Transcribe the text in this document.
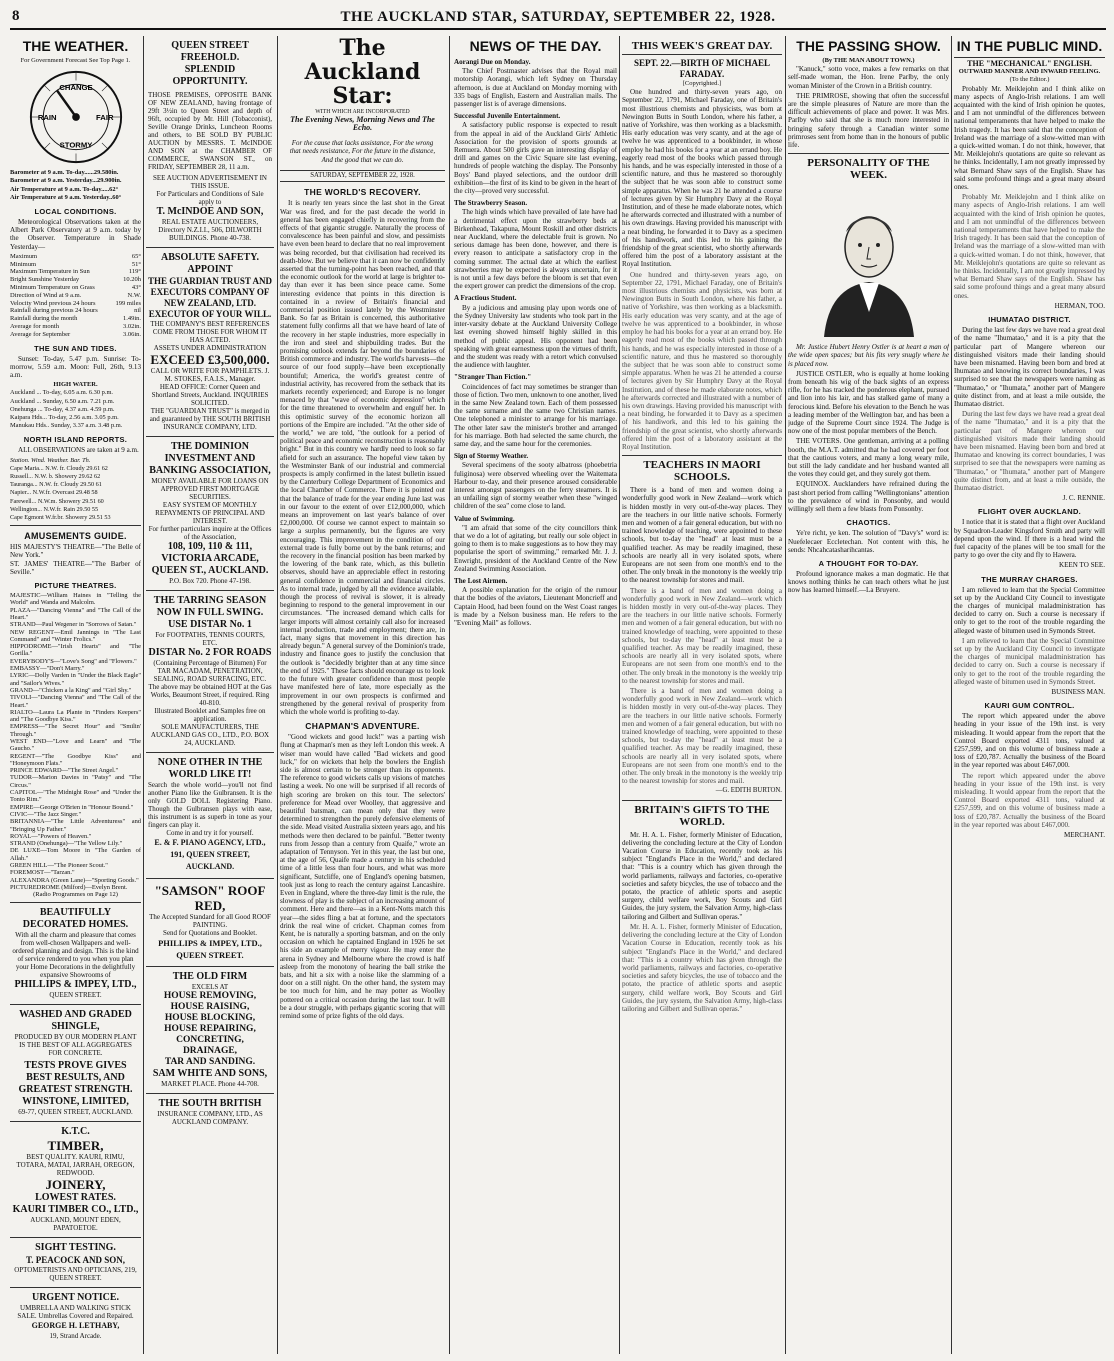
8	THE AUCKLAND STAR, SATURDAY, SEPTEMBER 22, 1928.
THE WEATHER.
For Government Forecast See Top Page 1.
CHANGE
RAIN	FAIR
STORMY
Barometer at 9 a.m. To-day......29.580in.
Barometer at 9 a.m. Yesterday...29.900in.
Air Temperature at 9 a.m. To-day.....62°
Air Temperature at 9 a.m. Yesterday..60°
LOCAL CONDITIONS.

Meteorological Observations taken at the Albert Park Observatory at 9 a.m. today by the Observer. Temperature in Shade Yesterday—

Maximum	65°
Minimum	51°
Maximum Temperature in Sun	119°
Bright Sunshine Yesterday	10.20h
Minimum Temperature on Grass	43°
Direction of Wind at 9 a.m.	N.W.
Velocity Wind previous 24 hours	199 miles
Rainfall during previous 24 hours	nil
Rainfall during the month	1.49in.
Average for month	3.02in.
Average for September	3.06in.
THE SUN AND TIDES.

Sunset: To-day, 5.47 p.m. Sunrise: To-morrow, 5.59 a.m. Moon: Full, 26th, 9.13 a.m.

HIGH WATER.
Auckland ... To-day, 6.05 a.m. 6.30 p.m.
Auckland ... Sunday, 6.50 a.m. 7.21 p.m.
Onehunga ... To-day, 4.37 a.m. 4.59 p.m.
Kaipara Hds... To-day, 2.56 a.m. 3.05 p.m.
Manukau Hds.. Sunday, 3.37 a.m. 3.48 p.m.
NORTH ISLAND REPORTS.

ALL OBSERVATIONS are taken at 9 a.m.

Station. Wind. Weather. Bar. Th.
Cape Maria... N.W. fr. Cloudy 29.61 62
Russell... N.W. b. Showery 29.62 62
Tauranga... N.W. fr. Cloudy 29.50 61
Napier... N.W.fr. Overcast 29.48 58
Farewell... N.W.m. Showery 29.51 60
Wellington... N.W.fr. Rain 29.50 55
Cape Egmont W.fr.br. Showery 29.51 53
AMUSEMENTS GUIDE.
HIS MAJESTY'S THEATRE—"The Belle of New York."
ST. JAMES' THEATRE—"The Barber of Seville."
PICTURE THEATRES.
MAJESTIC—William Haines in "Telling the World" and Wanda and Malcolm.
PLAZA—"Dancing Vienna" and "The Call of the Heart."
STRAND—Paul Wegener in "Sorrows of Satan."
NEW REGENT—Emil Jannings in "The Last Command" and "Winter Frolics."
HIPPODROME—"Irish Hearts" and "The Gorilla."
EVERYBODY'S—"Love's Song" and "Flowers."
EMBASSY—"Don't Marry."
LYRIC—Dolly Varden in "Under the Black Eagle" and "Sailor's Wives."
GRAND—"Chicken a la King" and "Girl Shy."
TIVOLI—"Dancing Vienna" and "The Call of the Heart."
RIALTO—Laura La Plante in "Finders Keepers" and "The Goodbye Kiss."
EMPRESS—"The Secret Hour" and "Smilin' Through."
WEST END—"Love and Learn" and "The Gaucho."
REGENT—"The Goodbye Kiss" and "Honeymoon Flats."
PRINCE EDWARD—"The Street Angel."
TUDOR—Marion Davies in "Patsy" and "The Circus."
CAPITOL—"The Midnight Rose" and "Under the Tonto Rim."
EMPIRE—George O'Brien in "Honour Bound."
CIVIC—"The Jazz Singer."
BRITANNIA—"The Little Adventuress" and "Bringing Up Father."
ROYAL—"Powers of Heaven."
STRAND (Onehunga)—"The Yellow Lily."
DE LUXE—Tom Moore in "The Garden of Allah."
GREEN HILL—"The Pioneer Scout."
FOREMOST—"Tarzan."
ALEXANDRA (Green Lane)—"Sporting Goods."
PICTUREDROME (Milford)—Evelyn Brent.
(Radio Programmes on Page 12)
BEAUTIFULLY DECORATED HOMES.
With all the charm and pleasure that comes from well-chosen Wallpapers and well-ordered planning and design. This is the kind of service rendered to you when you plan your Home Decorations in the delightfully expansive Showrooms of
PHILLIPS & IMPEY, LTD.,
QUEEN STREET.
WASHED AND GRADED SHINGLE,
PRODUCED BY OUR MODERN PLANT IS THE BEST OF ALL AGGREGATES FOR CONCRETE.
TESTS PROVE GIVES BEST RESULTS, AND GREATEST STRENGTH.
WINSTONE, LIMITED,
69-77, QUEEN STREET, AUCKLAND.
K.T.C.
TIMBER,
BEST QUALITY. KAURI, RIMU, TOTARA, MATAI, JARRAH, OREGON, REDWOOD.
JOINERY,
LOWEST RATES.
KAURI TIMBER CO., LTD.,
AUCKLAND, MOUNT EDEN, PAPATOETOE.
SIGHT TESTING.
T. PEACOCK AND SON,
OPTOMETRISTS AND OPTICIANS, 219, QUEEN STREET.
URGENT NOTICE.
UMBRELLA AND WALKING STICK SALE. Umbrellas Covered and Repaired.
GEORGE H. LETHABY,
19, Strand Arcade.
QUEEN STREET FREEHOLD.
SPLENDID OPPORTUNITY.
THOSE PREMISES, OPPOSITE BANK OF NEW ZEALAND, having frontage of 29ft 3½in to Queen Street and depth of 96ft, occupied by Mr. Hill (Tobacconist), Seville Orange Drinks, Luncheon Rooms and others, to BE SOLD BY PUBLIC AUCTION by MESSRS. T. McINDOE AND SON at the CHAMBER OF COMMERCE, SWANSON ST., on FRIDAY, SEPTEMBER 28, 11 a.m.
SEE AUCTION ADVERTISEMENT IN THIS ISSUE.
For Particulars and Conditions of Sale apply to
T. McINDOE AND SON,
REAL ESTATE AUCTIONEERS, Directory N.Z.I.I., 506, DILWORTH BUILDINGS. Phone 40-738.
ABSOLUTE SAFETY.
APPOINT
THE GUARDIAN TRUST AND EXECUTORS COMPANY OF NEW ZEALAND, LTD. EXECUTOR OF YOUR WILL.
THE COMPANY'S BEST REFERENCES COME FROM THOSE FOR WHOM IT HAS ACTED.
ASSETS UNDER ADMINISTRATION
EXCEED £3,500,000.
CALL OR WRITE FOR PAMPHLETS. J. M. STOKES, F.A.I.S., Manager.
HEAD OFFICE: Corner Queen and Shortland Streets, Auckland. INQUIRIES SOLICITED.
THE "GUARDIAN TRUST" is merged in and guaranteed by THE SOUTH BRITISH INSURANCE COMPANY, LTD.
THE DOMINION INVESTMENT AND BANKING ASSOCIATION,
MONEY AVAILABLE FOR LOANS ON APPROVED FIRST MORTGAGE SECURITIES.
EASY SYSTEM OF MONTHLY REPAYMENTS OF PRINCIPAL AND INTEREST.
For further particulars inquire at the Offices of the Association,
108, 109, 110 & 111, VICTORIA ARCADE, QUEEN ST., AUCKLAND.
P.O. Box 720. Phone 47-198.
THE TARRING SEASON NOW IN FULL SWING.
USE DISTAR No. 1
For FOOTPATHS, TENNIS COURTS, ETC.
DISTAR No. 2 FOR ROADS
(Containing Percentage of Bitumen) For TAR MACADAM, PENETRATION, SEALING, ROAD SURFACING, ETC.
The above may be obtained HOT at the Gas Works, Beaumont Street, if required. Ring 40-810.
Illustrated Booklet and Samples free on application.
SOLE MANUFACTURERS, THE AUCKLAND GAS CO., LTD., P.O. BOX 24, AUCKLAND.
NONE OTHER IN THE WORLD LIKE IT!
Search the whole world—you'll not find another Piano like the Gulbransen. It is the only GOLD DOLL Registering Piano. Though the Gulbransen plays with ease, this instrument is as superb in tone as your fingers can play it.
Come in and try it for yourself.
E. & F. PIANO AGENCY, LTD., 191, QUEEN STREET, AUCKLAND.
"SAMSON" ROOF RED,
The Accepted Standard for all Good ROOF PAINTING.
Send for Quotations and Booklet.
PHILLIPS & IMPEY, LTD., QUEEN STREET.
THE OLD FIRM
EXCELS AT
HOUSE REMOVING,
HOUSE RAISING,
HOUSE BLOCKING,
HOUSE REPAIRING,
CONCRETING, DRAINAGE,
TAR AND SANDING.
SAM WHITE AND SONS,
MARKET PLACE. Phone 44-708.
THE SOUTH BRITISH
INSURANCE COMPANY, LTD., AS AUCKLAND COMPANY.
The Auckland Star:
WITH WHICH ARE INCORPORATED
The Evening News, Morning News and The Echo.
For the cause that lacks assistance, For the wrong that needs resistance, For the future in the distance, And the good that we can do.
SATURDAY, SEPTEMBER 22, 1928.
THE WORLD'S RECOVERY.

It is nearly ten years since the last shot in the Great War was fired, and for the past decade the world in general has been engaged chiefly in recovering from the effects of that gigantic struggle. Naturally the process of convalescence has been painful and slow, and pessimists have even been heard to declare that no real improvement was being recorded, but that civilisation had received its death-blow. But we believe that it can now be confidently asserted that the turning-point has been reached, and that the economic outlook for the world at large is brighter to-day than ever it has been since peace came. Some interesting evidence that points in this direction is contained in a review of Britain's financial and commercial position issued lately by the Westminster Bank. So far as Britain is concerned, this authoritative statement fully confirms all that we have heard of late of the recovery in her staple industries, more especially in the iron and steel and shipbuilding trades. But the promising outlook extends far beyond the boundaries of British commerce and industry. The world's harvests—the source of our food supply—have been exceptionally bountiful; America, the world's greatest centre of industrial activity, has recovered from the setback that its markets recently experienced; and Europe is no longer menaced by that "wave of economic depression" which for the time threatened to overwhelm and engulf her. In this optimistic survey of the economic horizon all portions of the Empire are included. "At the other side of the world," we are told, "the outlook for a period of political peace and economic reconstruction is reasonably bright." But in this country we hardly need to look so far afield for such an assurance. The hopeful view taken by the Westminster Bank of our industrial and commercial prospects is amply confirmed in the latest bulletin issued by the Canterbury College Department of Economics and the local Chamber of Commerce. There it is pointed out that the balance of trade for the year ending June last was in our favour to the extent of over £12,000,000, which means an improvement on last year's balance of over £2,000,000. Of course we cannot expect to maintain so large a surplus permanently, but the figures are very encouraging. This improvement in the condition of our external trade is fully borne out by the bank returns; and the recovery in the financial position has been marked by the lowering of the bank rate, which, as this bulletin observes, should have an appreciable effect in restoring general confidence in commercial and financial circles. As to internal trade, judged by all the evidence available, though the process of revival is slower, it is already beginning to respond to the general improvement in our circumstances. "The increased demand which calls for larger imports will almost certainly call also for increased internal production, trade and employment; there are, in fact, many signs that movement in this direction has already begun." A general survey of the Dominion's trade, industry and finance goes to justify the conclusion that the outlook is "decidedly brighter than at any time since the end of 1925." These facts should encourage us to look to the future with greater confidence than most people have manifested here of late, more especially as the improvement in our own prospects is confirmed and strengthened by the general revival of prosperity from which the whole world is profiting to-day.

CHAPMAN'S ADVENTURE.

"Good wickets and good luck!" was a parting wish flung at Chapman's men as they left London this week. A wiser man would have called "Bad wickets and good luck," for on wickets that help the bowlers the English side is almost certain to be stronger than its opponents. The reference to good wickets calls up visions of matches lasting a week. No one will be surprised if all records of high scoring are broken on this tour. The selectors' preference for Mead over Woolley, that aggressive and beautiful batsman, can mean only that they were determined to strengthen the purely defensive elements of the side. Mead visited Australia sixteen years ago, and his methods were then declared to be painful. "Better twenty runs from Jessop than a century from Quaife," wrote an adaptation of Tennyson. Yet in this year, the last but one, at the age of 56, Quaife made a century in his scheduled time of a little less than four hours, and what was more significant, Sutcliffe, one of England's opening batsmen, took just as long to reach the century against Lancashire. Even in England, where the three-day limit is the rule, the slowness of play is the subject of an increasing amount of comment. Here and there—as in a Kent-Notts match this year—the sides fling a bat at fortune, and the spectators drink the real wine of cricket. Chapman comes from Kent, he is naturally a sporting batsman, and on the only occasion on which he captained England in 1926 he set his side an example of merry vigour. He may enter the arena in Sydney and Melbourne where the crowd is half asleep from the monotony of hearing the ball strike the bats, and hit a six with a noise like the slamming of a door on a still night. On the other hand, the system may be too much for him, and he may potter as Woolley pottered on a critical occasion during the last tour. It will be a dour struggle, with perhaps gigantic scoring that will remind some of prize fights of the old days.

NEWS OF THE DAY.
Aorangi Due on Monday.

The Chief Postmaster advises that the Royal mail motorship Aorangi, which left Sydney on Thursday afternoon, is due at Auckland on Monday morning with 335 bags of English, Eastern and Australian mails. The passenger list is of average dimensions.

Successful Juvenile Entertainment.

A satisfactory public response is expected to result from the appeal in aid of the Auckland Girls' Athletic Association for the provision of sports grounds at Remuera. About 500 girls gave an interesting display of drill and games on the Civic Square site last evening, hundreds of people watching the display. The Ponsonby Boys' Band played selections, and the outdoor drill exhibition—the first of its kind to be given in the heart of the city—proved very successful.

The Strawberry Season.

The high winds which have prevailed of late have had a detrimental effect upon the strawberry beds at Birkenhead, Takapuna, Mount Roskill and other districts near Auckland, where the delectable fruit is grown. No serious damage has been done, however, and there is every reason to anticipate a satisfactory crop in the coming summer. The actual date at which the earliest strawberries may be expected is always uncertain, for it is not until a few days before the bloom is set that even the expert grower can predict the dimensions of the crop.

A Fractious Student.

By a judicious and amusing play upon words one of the Sydney University law students who took part in the inter-varsity debate at the Auckland University College last evening showed himself highly skilled in this method of public appeal. His opponent had been speaking with great earnestness upon the virtues of thrift, and the student was ready with a retort which convulsed the audience with laughter.

"Stranger Than Fiction."

Coincidences of fact may sometimes be stranger than those of fiction. Two men, unknown to one another, lived in the same New Zealand town. Each of them possessed the same surname and the same two Christian names. One telephoned a minister to arrange for his marriage. The other later saw the minister's brother and arranged for his marriage. Both had selected the same church, the same day, and the same hour for the ceremonies.

Sign of Stormy Weather.

Several specimens of the sooty albatross (phoebetria fuliginosa) were observed wheeling over the Waitemata Harbour to-day, and their presence aroused considerable interest amongst passengers on the ferry steamers. It is an unfailing sign of stormy weather when these "winged children of the sea" come close to land.

Value of Swimming.

"I am afraid that some of the city councillors think that we do a lot of agitating, but really our sole object in going to them is to make suggestions as to how they may popularise the sport of swimming," remarked Mr. J. J. Enwright, president of the Auckland Centre of the New Zealand Swimming Association.

The Lost Airmen.

A possible explanation for the origin of the rumour that the bodies of the aviators, Lieutenant Moncrieff and Captain Hood, had been found on the West Coast ranges is made by a Nelson business man. He refers to the "Evening Mail" as follows.

THIS WEEK'S GREAT DAY.
SEPT. 22.—BIRTH OF MICHAEL FARADAY.
[Copyrighted.]

One hundred and thirty-seven years ago, on September 22, 1791, Michael Faraday, one of Britain's most illustrious chemists and physicists, was born at Newington Butts in South London, where his father, a native of Yorkshire, was then working as a blacksmith. His early education was very scanty, and at the age of twelve he was apprenticed to a bookbinder, in whose employ he had his books for a year at an errand boy. He eagerly read most of the books which passed through his hands, and he was especially interested in those of a scientific nature, and thus he mastered so thoroughly the subject that he was soon able to construct some simple apparatus. When he was 21 he attended a course of lectures given by Sir Humphry Davy at the Royal Institution, and of these he made elaborate notes, which he afterwards corrected and illustrated with a number of his own drawings. Having provided his manuscript with a neat binding, he forwarded it to Davy as a specimen of his handiwork, and this led to his gaining the friendship of the great scientist, who shortly afterwards offered him the post of a laboratory assistant at the Royal Institution.

One hundred and thirty-seven years ago, on September 22, 1791, Michael Faraday, one of Britain's most illustrious chemists and physicists, was born at Newington Butts in South London, where his father, a native of Yorkshire, was then working as a blacksmith. His early education was very scanty, and at the age of twelve he was apprenticed to a bookbinder, in whose employ he had his books for a year at an errand boy. He eagerly read most of the books which passed through his hands, and he was especially interested in those of a scientific nature, and thus he mastered so thoroughly the subject that he was soon able to construct some simple apparatus. When he was 21 he attended a course of lectures given by Sir Humphry Davy at the Royal Institution, and of these he made elaborate notes, which he afterwards corrected and illustrated with a number of his own drawings. Having provided his manuscript with a neat binding, he forwarded it to Davy as a specimen of his handiwork, and this led to his gaining the friendship of the great scientist, who shortly afterwards offered him the post of a laboratory assistant at the Royal Institution.

TEACHERS IN MAORI SCHOOLS.

There is a band of men and women doing a wonderfully good work in New Zealand—work which is hidden mostly in very out-of-the-way places. They are the teachers in our little native schools. Formerly men and women of a fair general education, but with no trained knowledge of teaching, were appointed to these schools, but to-day the "head" at least must be a qualified teacher. As may be readily imagined, these schools are nearly all in very isolated spots, where Europeans are not seen from one month's end to the other. The only break in the monotony is the weekly trip to the nearest township for stores and mail.

There is a band of men and women doing a wonderfully good work in New Zealand—work which is hidden mostly in very out-of-the-way places. They are the teachers in our little native schools. Formerly men and women of a fair general education, but with no trained knowledge of teaching, were appointed to these schools, but to-day the "head" at least must be a qualified teacher. As may be readily imagined, these schools are nearly all in very isolated spots, where Europeans are not seen from one month's end to the other. The only break in the monotony is the weekly trip to the nearest township for stores and mail.

There is a band of men and women doing a wonderfully good work in New Zealand—work which is hidden mostly in very out-of-the-way places. They are the teachers in our little native schools. Formerly men and women of a fair general education, but with no trained knowledge of teaching, were appointed to these schools, but to-day the "head" at least must be a qualified teacher. As may be readily imagined, these schools are nearly all in very isolated spots, where Europeans are not seen from one month's end to the other. The only break in the monotony is the weekly trip to the nearest township for stores and mail.

—G. EDITH BURTON.
BRITAIN'S GIFTS TO THE WORLD.

Mr. H. A. L. Fisher, formerly Minister of Education, delivering the concluding lecture at the City of London Vacation Course in Education, recently took as his subject "England's Place in the World," and declared that: "This is a country which has given through the world parliaments, railways and factories, co-operative societies and safety bicycles, the use of tobacco and the potato, the practice of athletic sports and aseptic surgery, child welfare work, Boy Scouts and Girl Guides, the jury system, the Salvation Army, high-class tailoring and Gilbert and Sullivan operas."

Mr. H. A. L. Fisher, formerly Minister of Education, delivering the concluding lecture at the City of London Vacation Course in Education, recently took as his subject "England's Place in the World," and declared that: "This is a country which has given through the world parliaments, railways and factories, co-operative societies and safety bicycles, the use of tobacco and the potato, the practice of athletic sports and aseptic surgery, child welfare work, Boy Scouts and Girl Guides, the jury system, the Salvation Army, high-class tailoring and Gilbert and Sullivan operas."

THE PASSING SHOW.
(By THE MAN ABOUT TOWN.)

"Kanuck," sotto voce, makes a few remarks on that self-made woman, the Hon. Irene Parlby, the only woman Minister of the Crown in a British country.

THE PRIMROSE, showing that often the successful are the simple pleasures of Nature are more than the difficult achievements of place and power. It was Mrs. Parlby who said that she is much more interested in bringing safety through a Canadian winter some primroses sent from home than in the honours of public life.

PERSONALITY OF THE WEEK.

Mr. Justice Hubert Henry Ostler is at heart a man of the wide open spaces; but his fits very snugly where he is placed now.

JUSTICE OSTLER, who is equally at home looking from beneath his wig of the back sights of an express rifle, for he has tracked the ponderous elephant, pursued and lion into his lair, and has stalked game of many a ferocious kind. Before his elevation to the Bench he was a leading member of the Wellington bar, and has been a judge of the Supreme Court since 1924. The Judge is now one of the most popular members of the Bench.

THE VOTERS. One gentleman, arriving at a polling booth, the M.A.T. admitted that he had covered per foot that the cautious voters, and many a long weary mile, but still the lady candidate and her husband wanted all the votes they could get, and they surely got them.

EQUINOX. Aucklanders have refrained during the past short period from calling "Wellingtonians" attention to the prevalence of wind in Ponsonby, and would willingly sell them a few blasts from Ponsonby.

CHAOTICS.

Ye're richt, ye ken. The solution of "Davy's" word is: Nuefelecaer Eccletechan. Not content with this, he sends: Nhcahcatasharihcantas.

A THOUGHT FOR TO-DAY.

Profound ignorance makes a man dogmatic. He that knows nothing thinks he can teach others what he just now has learned himself.—La Bruyere.

IN THE PUBLIC MIND.
THE "MECHANICAL" ENGLISH.
OUTWARD MANNER AND INWARD FEELING.
(To the Editor.)

Probably Mr. Meiklejohn and I think alike on many aspects of Anglo-Irish relations. I am well acquainted with the kind of Irish opinion he quotes, and I am not unmindful of the differences between national temperaments that have helped to make the Irish tragedy. It has been said that the conception of Ireland was the marriage of a slow-witted man with a quick-witted woman. I do not think, however, that Mr. Meiklejohn's quotations are quite so relevant as he thinks. Incidentally, I am not greatly impressed by what Bernard Shaw says of the English. Shaw has said some profound things and a great many absurd ones.

Probably Mr. Meiklejohn and I think alike on many aspects of Anglo-Irish relations. I am well acquainted with the kind of Irish opinion he quotes, and I am not unmindful of the differences between national temperaments that have helped to make the Irish tragedy. It has been said that the conception of Ireland was the marriage of a slow-witted man with a quick-witted woman. I do not think, however, that Mr. Meiklejohn's quotations are quite so relevant as he thinks. Incidentally, I am not greatly impressed by what Bernard Shaw says of the English. Shaw has said some profound things and a great many absurd ones.

HERMAN, TOO.
IHUMATAO DISTRICT.

During the last few days we have read a great deal of the name "Ihumatao," and it is a pity that the particular part of Mangere whereon our distinguished visitors made their landing should have been misnamed. Having been born and bred at Ihumatao and knowing its correct boundaries, I was surprised to see that the newspapers were naming as "Ihumatao," or "Ihumata," another part of Mangere quite distinct from, and at least a mile outside, the Ihumatao district.

During the last few days we have read a great deal of the name "Ihumatao," and it is a pity that the particular part of Mangere whereon our distinguished visitors made their landing should have been misnamed. Having been born and bred at Ihumatao and knowing its correct boundaries, I was surprised to see that the newspapers were naming as "Ihumatao," or "Ihumata," another part of Mangere quite distinct from, and at least a mile outside, the Ihumatao district.

J. C. RENNIE.
FLIGHT OVER AUCKLAND.

I notice that it is stated that a flight over Auckland by Squadron-Leader Kingsford Smith and party will depend upon the wind. If there is a head wind the fuel capacity of the planes will be too small for the party to go over the city and fly to Hawera.

KEEN TO SEE.
THE MURRAY CHARGES.

I am relieved to learn that the Special Committee set up by the Auckland City Council to investigate the charges of municipal maladministration has decided to carry on. Such a course is necessary if only to get to the root of the trouble regarding the alleged waste of bitumen used in Symonds Street.

I am relieved to learn that the Special Committee set up by the Auckland City Council to investigate the charges of municipal maladministration has decided to carry on. Such a course is necessary if only to get to the root of the trouble regarding the alleged waste of bitumen used in Symonds Street.

BUSINESS MAN.
KAURI GUM CONTROL.

The report which appeared under the above heading in your issue of the 19th inst. is very misleading. It would appear from the report that the Control Board exported 4311 tons, valued at £257,599, and on this volume of business made a loss of £20,787. Actually the business of the Board in the year reported was about £467,000.

The report which appeared under the above heading in your issue of the 19th inst. is very misleading. It would appear from the report that the Control Board exported 4311 tons, valued at £257,599, and on this volume of business made a loss of £20,787. Actually the business of the Board in the year reported was about £467,000.

MERCHANT.
